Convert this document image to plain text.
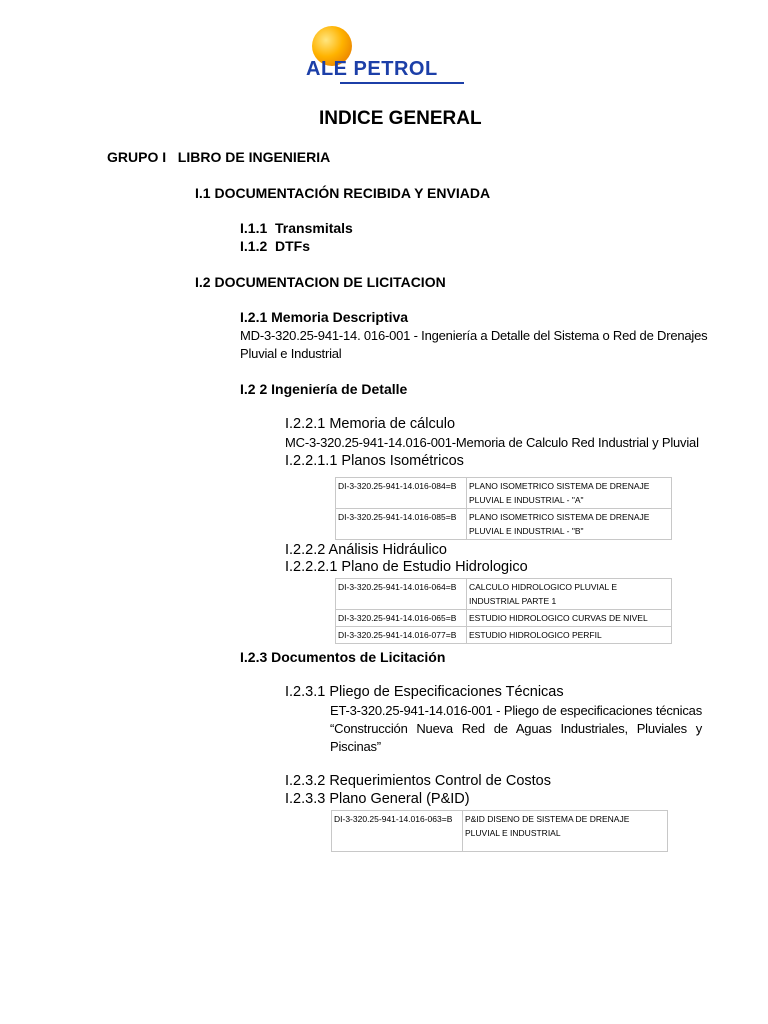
ALE PETROL
INDICE GENERAL
GRUPO I   LIBRO DE INGENIERIA
I.1 DOCUMENTACIÓN RECIBIDA Y ENVIADA
I.1.1  Transmitals
I.1.2  DTFs
I.2 DOCUMENTACION DE LICITACION
I.2.1 Memoria Descriptiva
MD-3-320.25-941-14. 016-001 - Ingeniería a Detalle del Sistema o Red de Drenajes
Pluvial e Industrial
I.2 2 Ingeniería de Detalle
I.2.2.1 Memoria de cálculo
MC-3-320.25-941-14.016-001-Memoria de Calculo Red Industrial y Pluvial
I.2.2.1.1 Planos Isométricos
DI-3-320.25-941-14.016-084=B	PLANO ISOMETRICO SISTEMA DE DRENAJE PLUVIAL E INDUSTRIAL - "A"
DI-3-320.25-941-14.016-085=B	PLANO ISOMETRICO SISTEMA DE DRENAJE PLUVIAL E INDUSTRIAL - "B"
I.2.2.2 Análisis Hidráulico
I.2.2.2.1 Plano de Estudio Hidrologico
DI-3-320.25-941-14.016-064=B	CALCULO HIDROLOGICO PLUVIAL E INDUSTRIAL PARTE 1
DI-3-320.25-941-14.016-065=B	ESTUDIO HIDROLOGICO CURVAS DE NIVEL
DI-3-320.25-941-14.016-077=B	ESTUDIO HIDROLOGICO PERFIL
I.2.3 Documentos de Licitación
I.2.3.1 Pliego de Especificaciones Técnicas
ET-3-320.25-941-14.016-001 - Pliego de especificaciones técnicas
“Construcción Nueva Red de Aguas Industriales, Pluviales y
Piscinas”
I.2.3.2 Requerimientos Control de Costos
I.2.3.3 Plano General (P&ID)
DI-3-320.25-941-14.016-063=B	P&ID DISENO DE SISTEMA DE DRENAJE PLUVIAL E INDUSTRIAL
